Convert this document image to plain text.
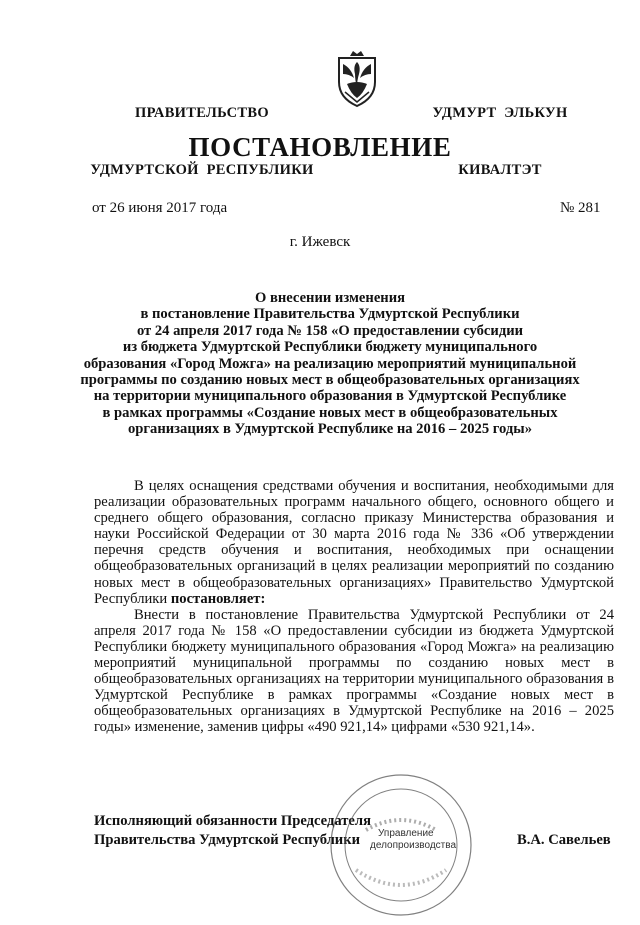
ПРАВИТЕЛЬСТВО

УДМУРТСКОЙ  РЕСПУБЛИКИ

УДМУРТ  ЭЛЬКУН

КИВАЛТЭТ

ПОСТАНОВЛЕНИЕ
от 26 июня 2017 года	№ 281
г. Ижевск
О внесении изменения
в постановление Правительства Удмуртской Республики
от 24 апреля 2017 года № 158 «О предоставлении субсидии
из бюджета Удмуртской Республики бюджету муниципального
образования «Город Можга» на реализацию мероприятий муниципальной
программы по созданию новых мест в общеобразовательных организациях
на территории муниципального образования в Удмуртской Республике
в рамках программы «Создание новых мест в общеобразовательных
организациях в Удмуртской Республике на 2016 – 2025 годы»

В целях оснащения средствами обучения и воспитания, необходимыми для реализации образовательных программ начального общего, основного общего и среднего общего образования, согласно приказу Министерства образования и науки Российской Федерации от 30 марта 2016 года № 336 «Об утверждении перечня средств обучения и воспитания, необходимых при оснащении общеобразовательных организаций в целях реализации мероприятий по созданию новых мест в общеобразовательных организациях» Правительство Удмуртской Республики постановляет:

Внести в постановление Правительства Удмуртской Республики от 24 апреля 2017 года № 158 «О предоставлении субсидии из бюджета Удмуртской Республики бюджету муниципального образования «Город Можга» на реализацию мероприятий муниципальной программы по созданию новых мест в общеобразовательных организациях на территории муниципального образования в Удмуртской Республике в рамках программы «Создание новых мест в общеобразовательных организациях в Удмуртской Республике на 2016 – 2025 годы» изменение, заменив цифры «490 921,14» цифрами «530 921,14».

Исполняющий обязанности Председателя
Правительства Удмуртской Республики	В.А. Савельев
Управление
делопроизводства
